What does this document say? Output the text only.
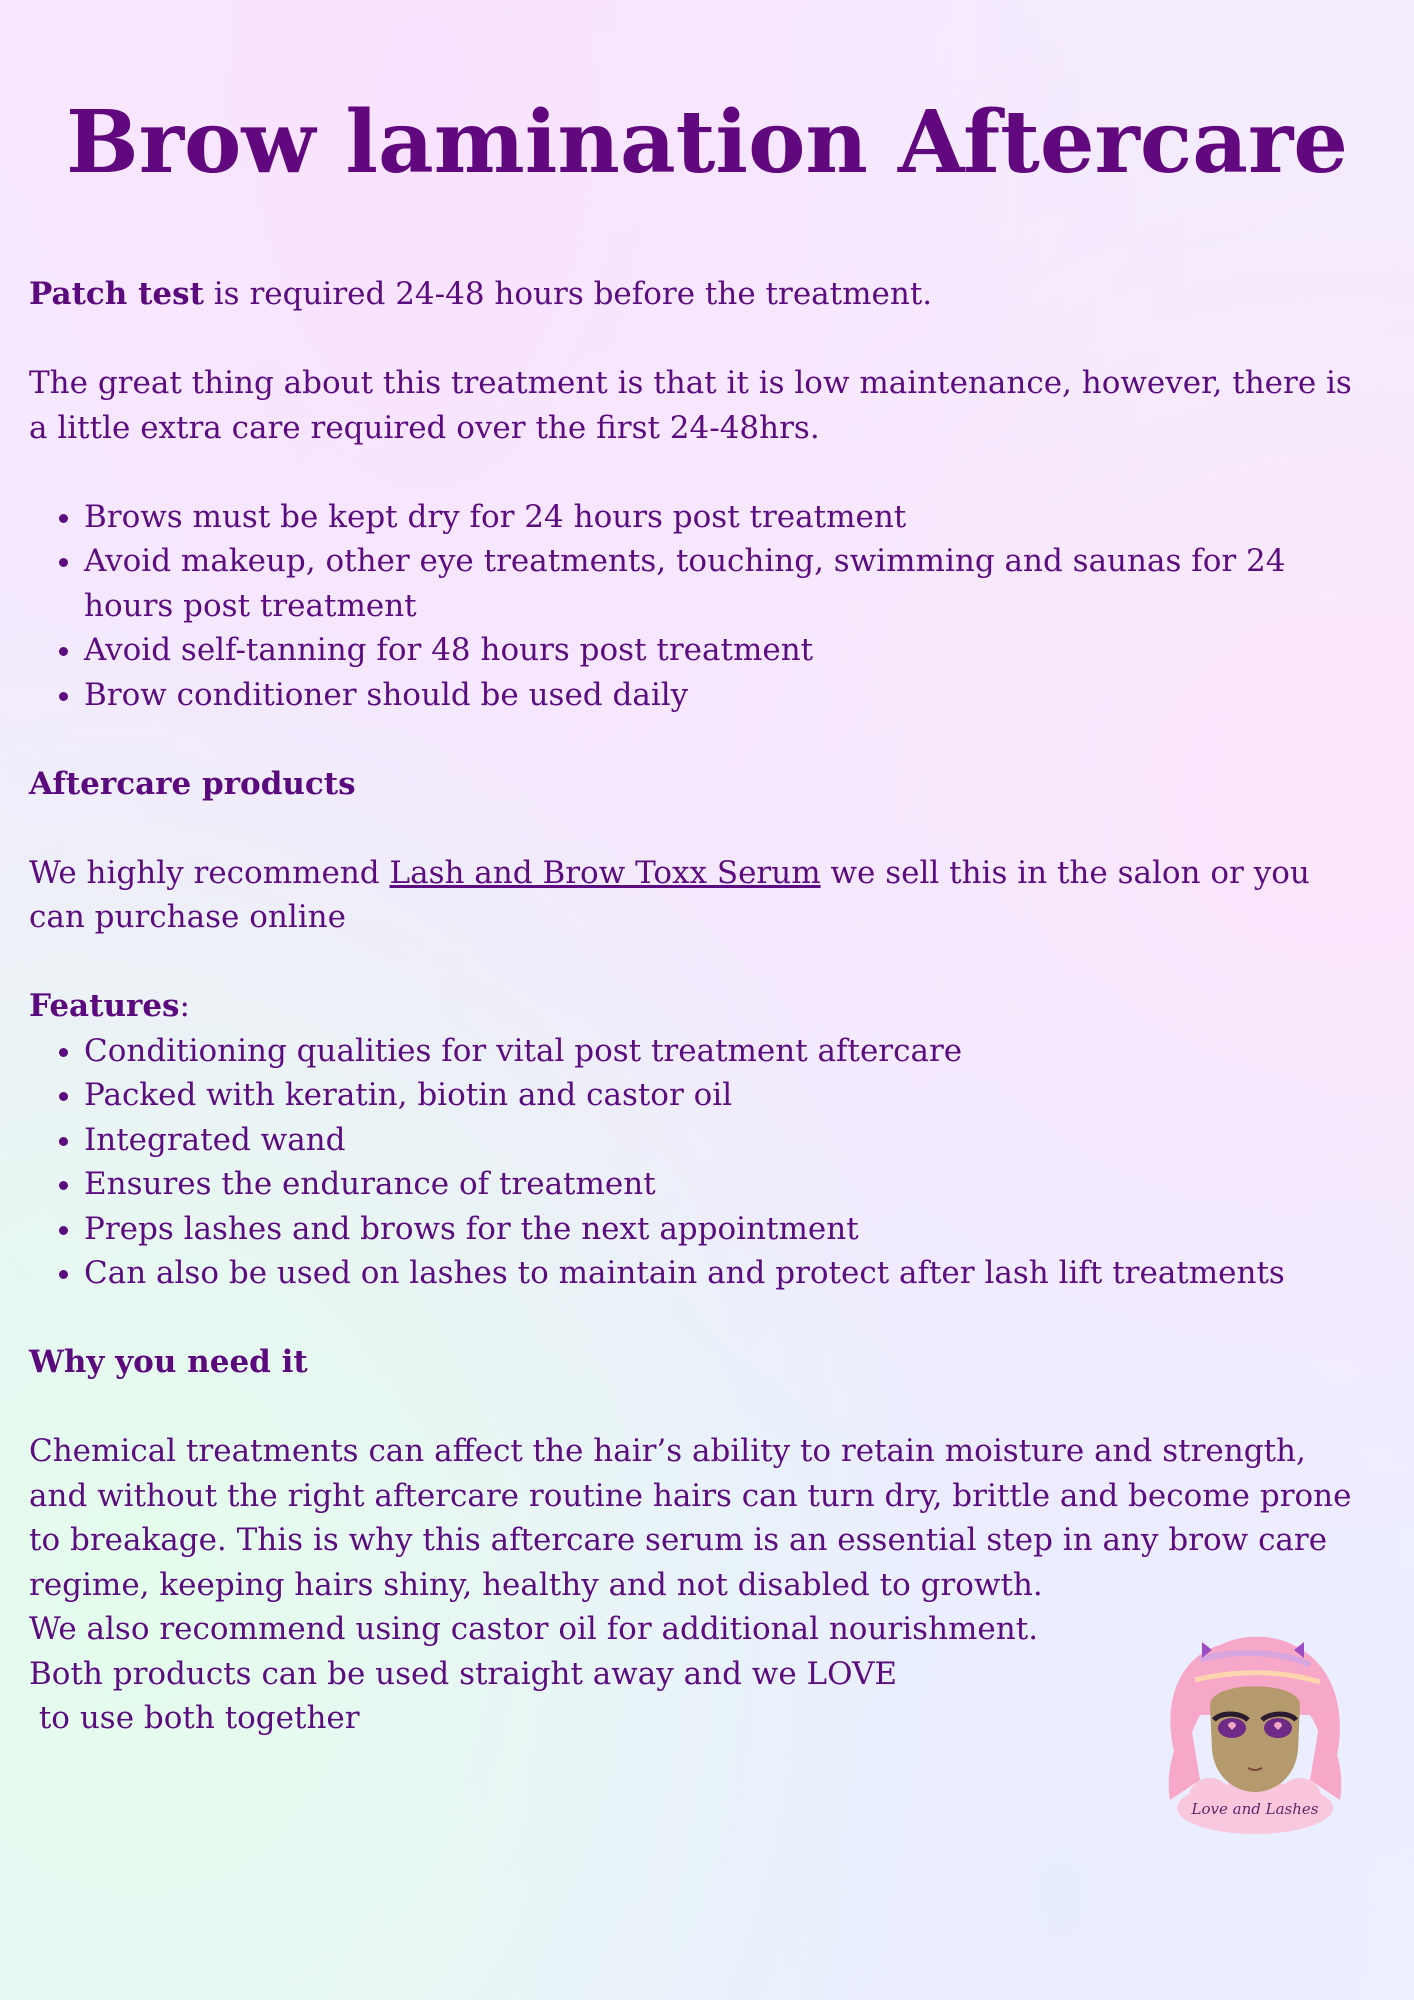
Brow lamination Aftercare

Patch test is required 24-48 hours before the treatment.

The great thing about this treatment is that it is low maintenance, however, there is a little extra care required over the first 24-48hrs.

• Brows must be kept dry for 24 hours post treatment
• Avoid makeup, other eye treatments, touching, swimming and saunas for 24 hours post treatment
• Avoid self-tanning for 48 hours post treatment
• Brow conditioner should be used daily

Aftercare products

We highly recommend Lash and Brow Toxx Serum we sell this in the salon or you can purchase online

Features:

• Conditioning qualities for vital post treatment aftercare
• Packed with keratin, biotin and castor oil
• Integrated wand
• Ensures the endurance of treatment
• Preps lashes and brows for the next appointment
• Can also be used on lashes to maintain and protect after lash lift treatments

Why you need it

Chemical treatments can affect the hair’s ability to retain moisture and strength, and without the right aftercare routine hairs can turn dry, brittle and become prone to breakage. This is why this aftercare serum is an essential step in any brow care regime, keeping hairs shiny, healthy and not disabled to growth.

We also recommend using castor oil for additional nourishment.

Both products can be used straight away and we LOVE

to use both together

Love and Lashes
